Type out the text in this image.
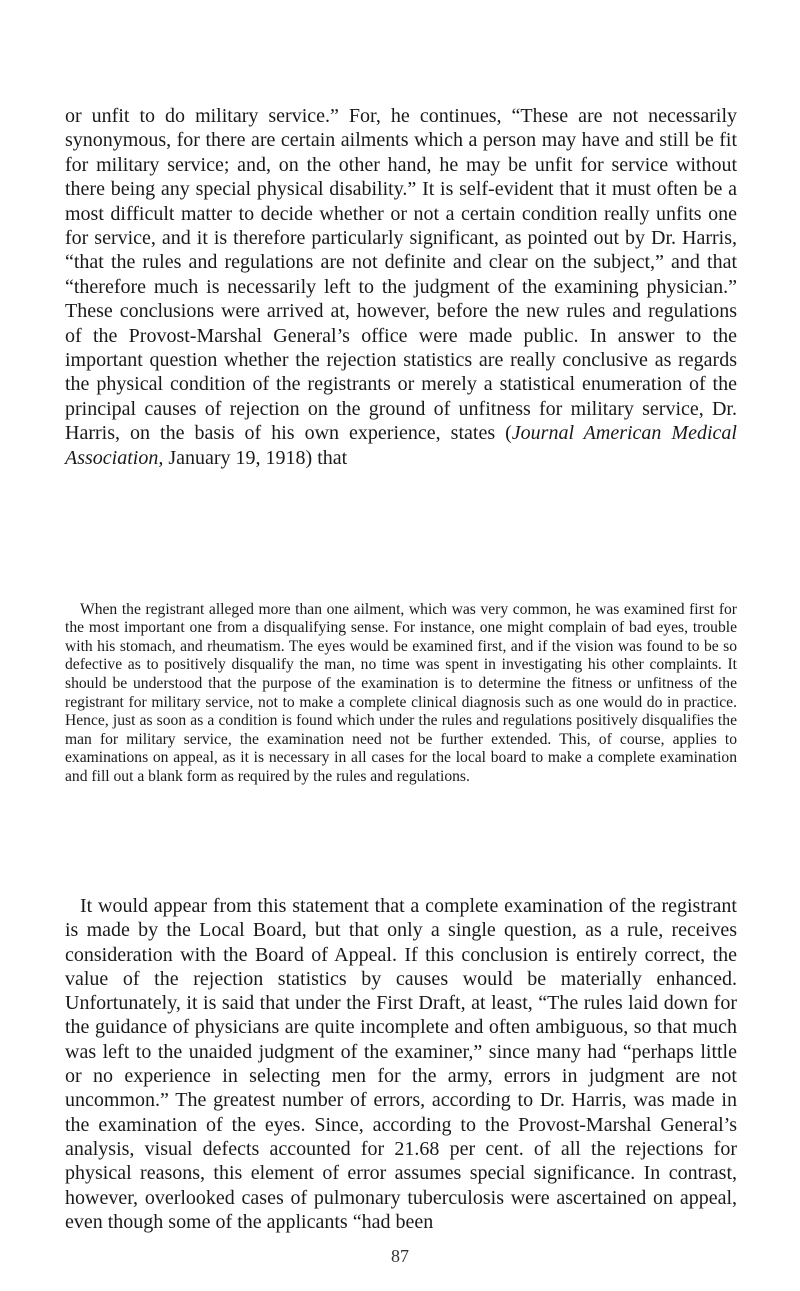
or unfit to do military service.” For, he continues, “These are not necessarily synonymous, for there are certain ailments which a person may have and still be fit for military service; and, on the other hand, he may be unfit for service without there being any special physical disability.” It is self-evident that it must often be a most difficult matter to decide whether or not a certain condition really unfits one for service, and it is therefore particularly significant, as pointed out by Dr. Harris, “that the rules and regulations are not definite and clear on the subject,” and that “therefore much is necessarily left to the judgment of the examining physician.” These conclusions were arrived at, however, before the new rules and regulations of the Provost-Marshal General’s office were made public. In answer to the important question whether the rejection statistics are really conclusive as regards the physical condition of the registrants or merely a statistical enumeration of the principal causes of rejection on the ground of unfitness for military service, Dr. Harris, on the basis of his own experience, states (Journal American Medical Association, January 19, 1918) that

When the registrant alleged more than one ailment, which was very common, he was examined first for the most important one from a disqualifying sense. For instance, one might complain of bad eyes, trouble with his stomach, and rheumatism. The eyes would be examined first, and if the vision was found to be so defective as to positively disqualify the man, no time was spent in investigating his other complaints. It should be understood that the purpose of the examination is to determine the fitness or unfitness of the registrant for military service, not to make a complete clinical diagnosis such as one would do in practice. Hence, just as soon as a condition is found which under the rules and regulations positively disqualifies the man for military service, the examination need not be further extended. This, of course, applies to examinations on appeal, as it is necessary in all cases for the local board to make a complete examination and fill out a blank form as required by the rules and regulations.

It would appear from this statement that a complete examination of the registrant is made by the Local Board, but that only a single question, as a rule, receives consideration with the Board of Appeal. If this conclusion is entirely correct, the value of the rejection statistics by causes would be materially enhanced. Unfortunately, it is said that under the First Draft, at least, “The rules laid down for the guidance of physicians are quite incomplete and often ambiguous, so that much was left to the unaided judgment of the examiner,” since many had “perhaps little or no experience in selecting men for the army, errors in judgment are not uncommon.” The greatest number of errors, according to Dr. Harris, was made in the examination of the eyes. Since, according to the Provost-Marshal General’s analysis, visual defects accounted for 21.68 per cent. of all the rejections for physical reasons, this element of error assumes special significance. In contrast, however, overlooked cases of pulmonary tuberculosis were ascertained on appeal, even though some of the applicants “had been

87
